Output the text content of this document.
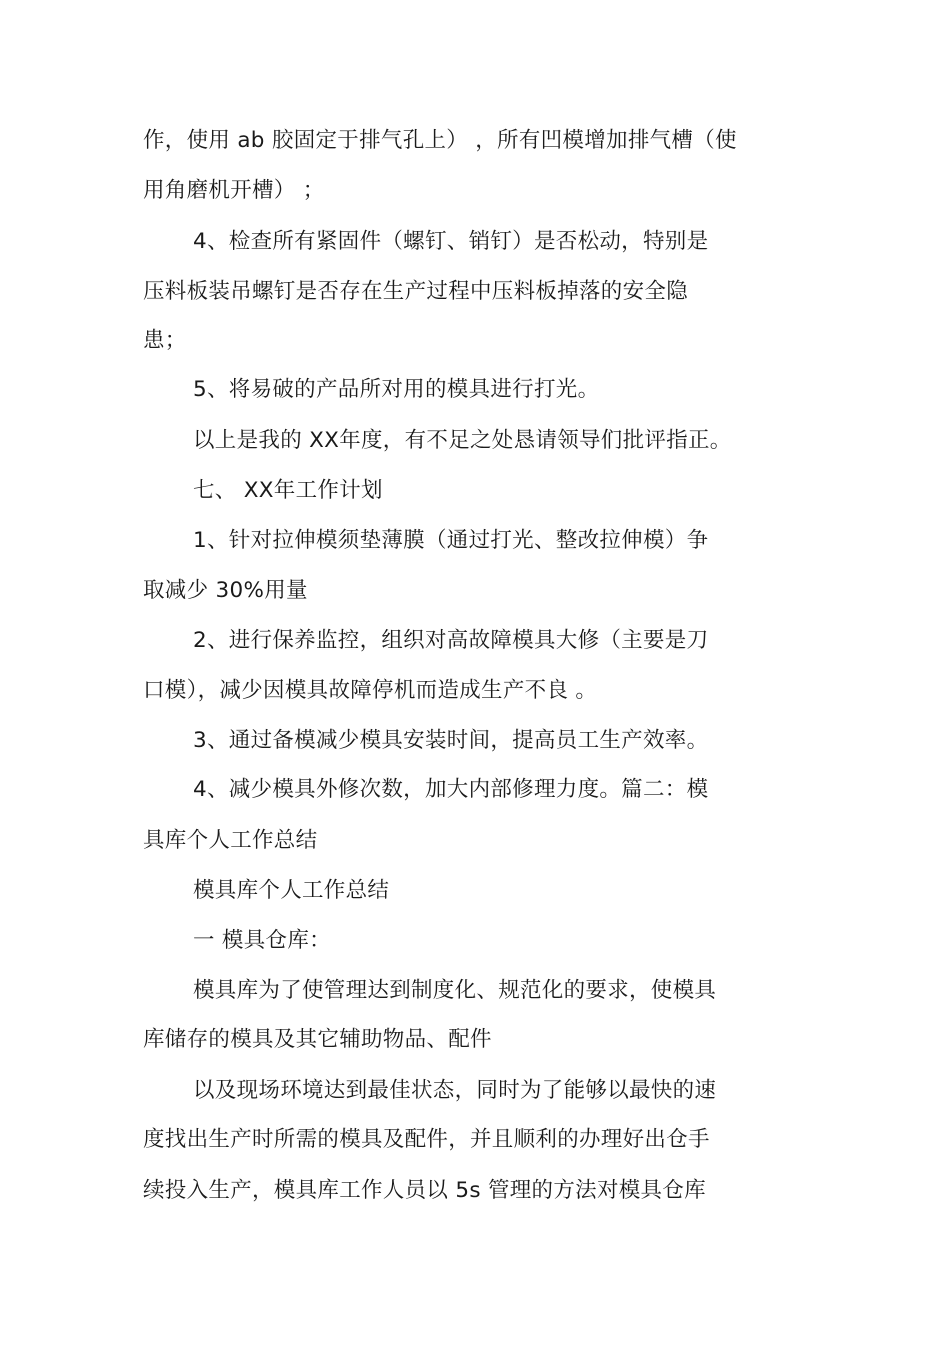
作，使用 ab 胶固定于排气孔上） ，所有凹模增加排气槽（使
用角磨机开槽） ；
4、检查所有紧固件（螺钉、销钉）是否松动，特别是
压料板装吊螺钉是否存在生产过程中压料板掉落的安全隐
患；
5、将易破的产品所对用的模具进行打光。
以上是我的 XX年度，有不足之处恳请领导们批评指正。
七、 XX年工作计划
1、针对拉伸模须垫薄膜（通过打光、整改拉伸模）争
取减少 30%用量
2、进行保养监控，组织对高故障模具大修（主要是刀
口模），减少因模具故障停机而造成生产不良 。
3、通过备模减少模具安装时间，提高员工生产效率。
4、减少模具外修次数，加大内部修理力度。篇二：模
具库个人工作总结
模具库个人工作总结
一 模具仓库：
模具库为了使管理达到制度化、规范化的要求，使模具
库储存的模具及其它辅助物品、配件
以及现场环境达到最佳状态，同时为了能够以最快的速
度找出生产时所需的模具及配件，并且顺利的办理好出仓手
续投入生产，模具库工作人员以 5s 管理的方法对模具仓库
